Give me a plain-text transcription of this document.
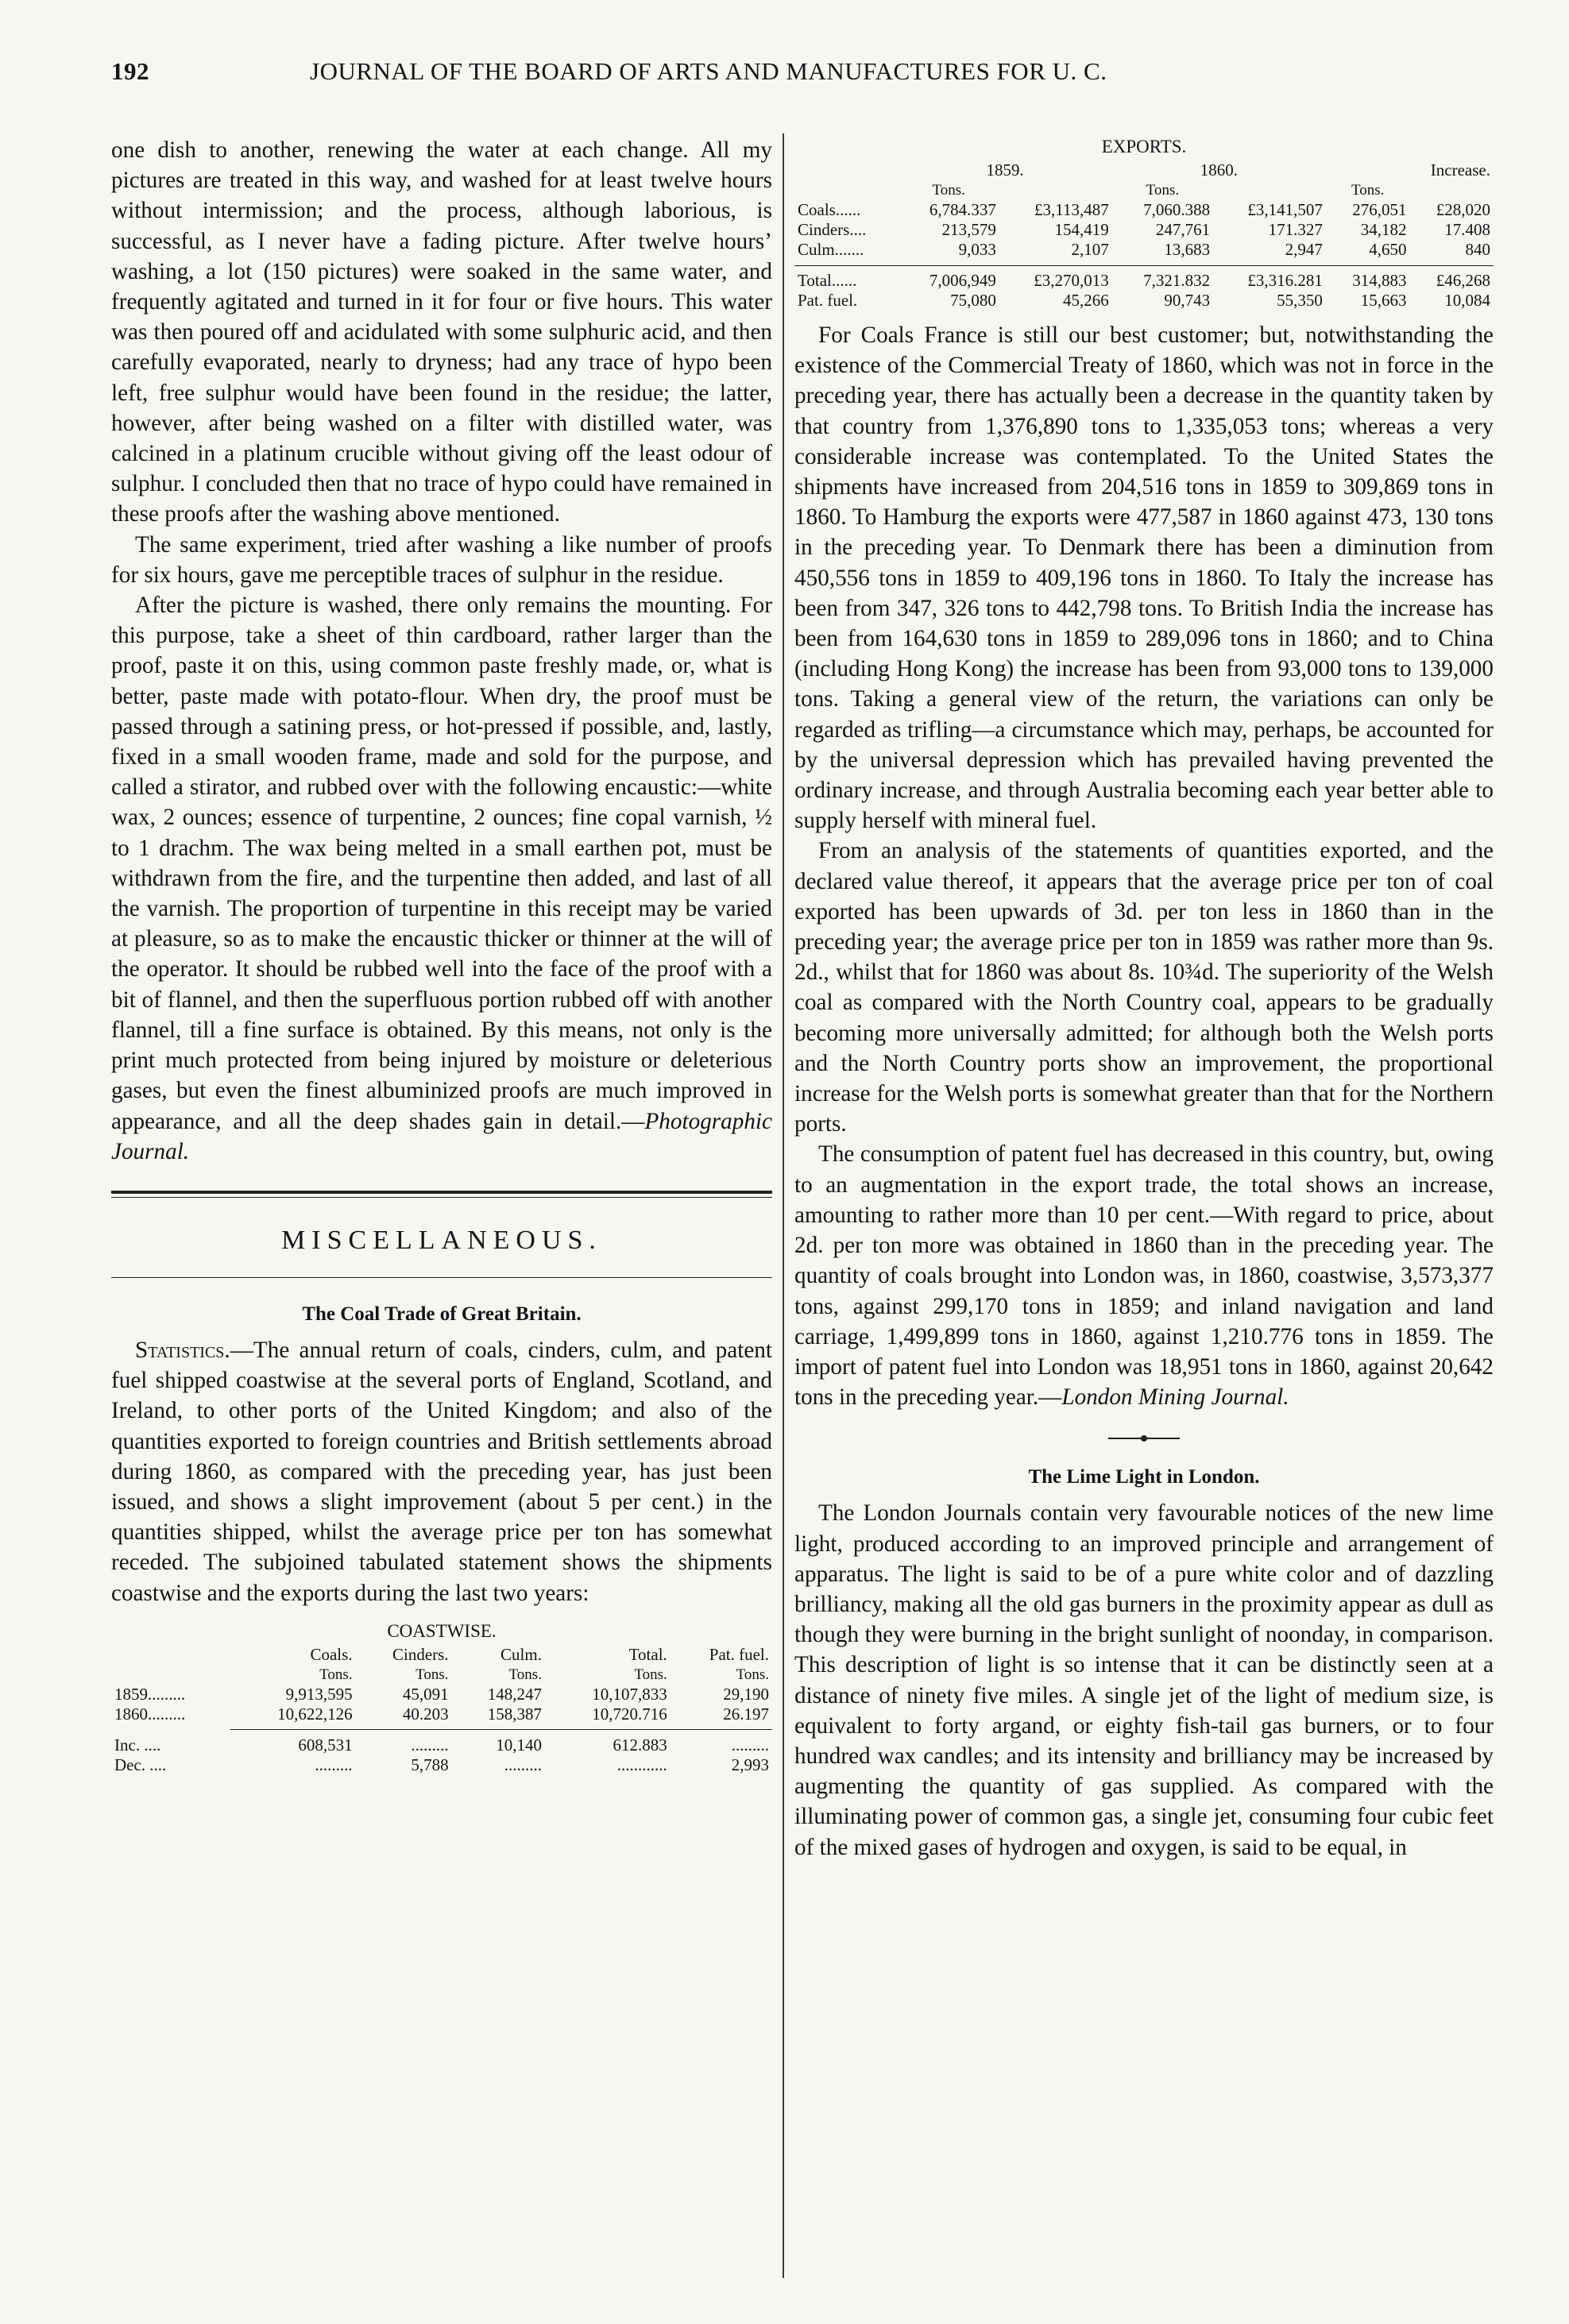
192	JOURNAL OF THE BOARD OF ARTS AND MANUFACTURES FOR U. C.

one dish to another, renewing the water at each change. All my pictures are treated in this way, and washed for at least twelve hours without intermission; and the process, although laborious, is successful, as I never have a fading picture. After twelve hours’ washing, a lot (150 pictures) were soaked in the same water, and frequently agitated and turned in it for four or five hours. This water was then poured off and acidulated with some sulphuric acid, and then carefully evaporated, nearly to dryness; had any trace of hypo been left, free sulphur would have been found in the residue; the latter, however, after being washed on a filter with distilled water, was calcined in a platinum crucible without giving off the least odour of sulphur. I concluded then that no trace of hypo could have remained in these proofs after the washing above mentioned.

The same experiment, tried after washing a like number of proofs for six hours, gave me perceptible traces of sulphur in the residue.

After the picture is washed, there only remains the mounting. For this purpose, take a sheet of thin cardboard, rather larger than the proof, paste it on this, using common paste freshly made, or, what is better, paste made with potato-flour. When dry, the proof must be passed through a satining press, or hot-pressed if possible, and, lastly, fixed in a small wooden frame, made and sold for the purpose, and called a stirator, and rubbed over with the following encaustic:—white wax, 2 ounces; essence of turpentine, 2 ounces; fine copal varnish, ½ to 1 drachm. The wax being melted in a small earthen pot, must be withdrawn from the fire, and the turpentine then added, and last of all the varnish. The proportion of turpentine in this receipt may be varied at pleasure, so as to make the encaustic thicker or thinner at the will of the operator. It should be rubbed well into the face of the proof with a bit of flannel, and then the superfluous portion rubbed off with another flannel, till a fine surface is obtained. By this means, not only is the print much protected from being injured by moisture or deleterious gases, but even the finest albuminized proofs are much improved in appearance, and all the deep shades gain in detail.—Photographic Journal.

MISCELLANEOUS.
The Coal Trade of Great Britain.

Statistics.—The annual return of coals, cinders, culm, and patent fuel shipped coastwise at the several ports of England, Scotland, and Ireland, to other ports of the United Kingdom; and also of the quantities exported to foreign countries and British settlements abroad during 1860, as compared with the preceding year, has just been issued, and shows a slight improvement (about 5 per cent.) in the quantities shipped, whilst the average price per ton has somewhat receded. The subjoined tabulated statement shows the shipments coastwise and the exports during the last two years:

COASTWISE.
	Coals.	Cinders.	Culm.	Total.	Pat. fuel.
	Tons.	Tons.	Tons.	Tons.	Tons.
1859.........	9,913,595	45,091	148,247	10,107,833	29,190
1860.........	10,622,126	40.203	158,387	10,720.716	26.197

Inc. ....	608,531	.........	10,140	612.883	.........
Dec. ....	.........	5,788	.........	............	2,993
EXPORTS.
	1859.		1860.		Increase.	
	Tons.		Tons.		Tons.	
Coals......	6,784.337	£3,113,487	7,060.388	£3,141,507	276,051	£28,020
Cinders....	213,579	154,419	247,761	171.327	34,182	17.408
Culm.......	9,033	2,107	13,683	2,947	4,650	840

Total......	7,006,949	£3,270,013	7,321.832	£3,316.281	314,883	£46,268
Pat. fuel.	75,080	45,266	90,743	55,350	15,663	10,084

For Coals France is still our best customer; but, notwithstanding the existence of the Commercial Treaty of 1860, which was not in force in the preceding year, there has actually been a decrease in the quantity taken by that country from 1,376,890 tons to 1,335,053 tons; whereas a very considerable increase was contemplated. To the United States the shipments have increased from 204,516 tons in 1859 to 309,869 tons in 1860. To Hamburg the exports were 477,587 in 1860 against 473, 130 tons in the preceding year. To Denmark there has been a diminution from 450,556 tons in 1859 to 409,196 tons in 1860. To Italy the increase has been from 347, 326 tons to 442,798 tons. To British India the increase has been from 164,630 tons in 1859 to 289,096 tons in 1860; and to China (including Hong Kong) the increase has been from 93,000 tons to 139,000 tons. Taking a general view of the return, the variations can only be regarded as trifling—a circumstance which may, perhaps, be accounted for by the universal depression which has prevailed having prevented the ordinary increase, and through Australia becoming each year better able to supply herself with mineral fuel.

From an analysis of the statements of quantities exported, and the declared value thereof, it appears that the average price per ton of coal exported has been upwards of 3d. per ton less in 1860 than in the preceding year; the average price per ton in 1859 was rather more than 9s. 2d., whilst that for 1860 was about 8s. 10¾d. The superiority of the Welsh coal as compared with the North Country coal, appears to be gradually becoming more universally admitted; for although both the Welsh ports and the North Country ports show an improvement, the proportional increase for the Welsh ports is somewhat greater than that for the Northern ports.

The consumption of patent fuel has decreased in this country, but, owing to an augmentation in the export trade, the total shows an increase, amounting to rather more than 10 per cent.—With regard to price, about 2d. per ton more was obtained in 1860 than in the preceding year. The quantity of coals brought into London was, in 1860, coastwise, 3,573,377 tons, against 299,170 tons in 1859; and inland navigation and land carriage, 1,499,899 tons in 1860, against 1,210.776 tons in 1859. The import of patent fuel into London was 18,951 tons in 1860, against 20,642 tons in the preceding year.—London Mining Journal.

The Lime Light in London.

The London Journals contain very favourable notices of the new lime light, produced according to an improved principle and arrangement of apparatus. The light is said to be of a pure white color and of dazzling brilliancy, making all the old gas burners in the proximity appear as dull as though they were burning in the bright sunlight of noonday, in comparison. This description of light is so intense that it can be distinctly seen at a distance of ninety five miles. A single jet of the light of medium size, is equivalent to forty argand, or eighty fish-tail gas burners, or to four hundred wax candles; and its intensity and brilliancy may be increased by augmenting the quantity of gas supplied. As compared with the illuminating power of common gas, a single jet, consuming four cubic feet of the mixed gases of hydrogen and oxygen, is said to be equal, in
